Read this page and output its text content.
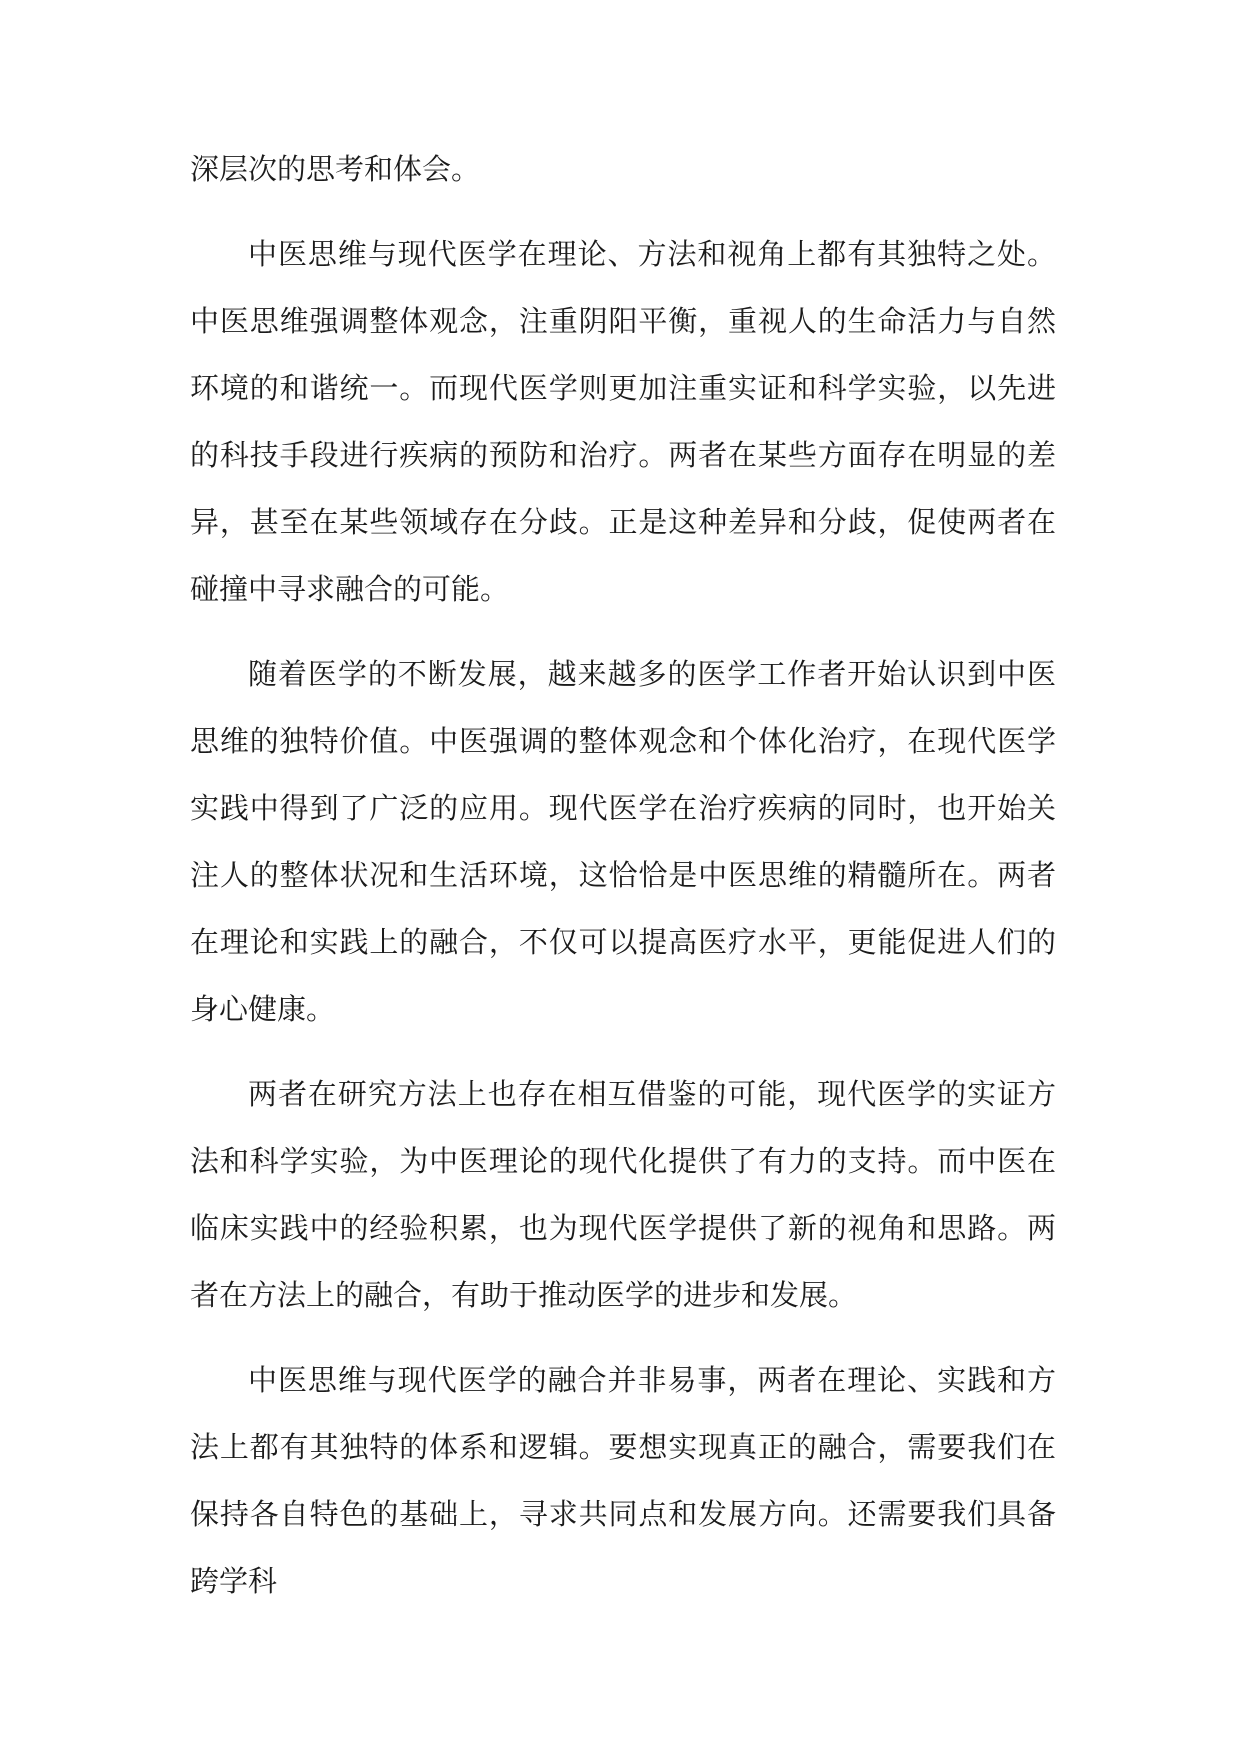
深层次的思考和体会。

中医思维与现代医学在理论、方法和视角上都有其独特之处。中医思维强调整体观念，注重阴阳平衡，重视人的生命活力与自然环境的和谐统一。而现代医学则更加注重实证和科学实验，以先进的科技手段进行疾病的预防和治疗。两者在某些方面存在明显的差异，甚至在某些领域存在分歧。正是这种差异和分歧，促使两者在碰撞中寻求融合的可能。

随着医学的不断发展，越来越多的医学工作者开始认识到中医思维的独特价值。中医强调的整体观念和个体化治疗，在现代医学实践中得到了广泛的应用。现代医学在治疗疾病的同时，也开始关注人的整体状况和生活环境，这恰恰是中医思维的精髓所在。两者在理论和实践上的融合，不仅可以提高医疗水平，更能促进人们的身心健康。

两者在研究方法上也存在相互借鉴的可能，现代医学的实证方法和科学实验，为中医理论的现代化提供了有力的支持。而中医在临床实践中的经验积累，也为现代医学提供了新的视角和思路。两者在方法上的融合，有助于推动医学的进步和发展。

中医思维与现代医学的融合并非易事，两者在理论、实践和方法上都有其独特的体系和逻辑。要想实现真正的融合，需要我们在保持各自特色的基础上，寻求共同点和发展方向。还需要我们具备跨学科
